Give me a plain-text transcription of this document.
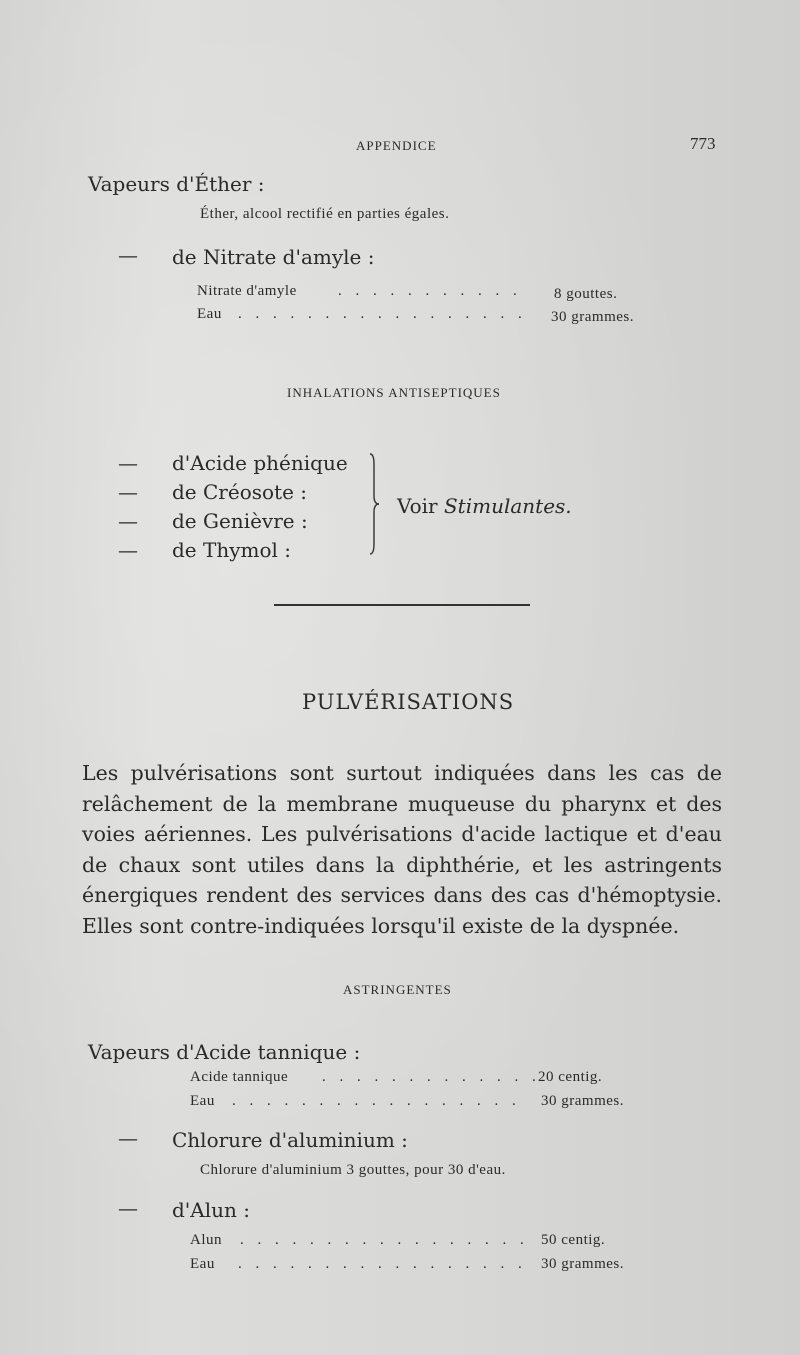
APPENDICE	773
Vapeurs d'Éther :
Éther, alcool rectifié en parties égales.
— de Nitrate d'amyle :
Nitrate d'amyle	. . . . . . . . . . . 8 gouttes.
Eau . . . . . . . . . . . . . . . . . 30 grammes.
INHALATIONS ANTISEPTIQUES
—
—
—
—
d'Acide phénique
de Créosote :
de Genièvre :
de Thymol :
Voir Stimulantes.
PULVÉRISATIONS
Les pulvérisations sont surtout indiquées dans les cas de relâchement de la membrane muqueuse du pharynx et des voies aériennes. Les pulvérisations d'acide lactique et d'eau de chaux sont utiles dans la diphthérie, et les astringents énergiques rendent des services dans des cas d'hémoptysie. Elles sont contre-indiquées lorsqu'il existe de la dyspnée.
ASTRINGENTES
Vapeurs d'Acide tannique :
Acide tannique . . . . . . . . . . . . .
20 centig.
Eau . . . . . . . . . . . . . . . . . 30 grammes.
— Chlorure d'aluminium :
Chlorure d'aluminium 3 gouttes, pour 30 d'eau.
— d'Alun :
Alun . . . . . . . . . . . . . . . . . 50 centig.
Eau . . . . . . . . . . . . . . . . . 30 grammes.
